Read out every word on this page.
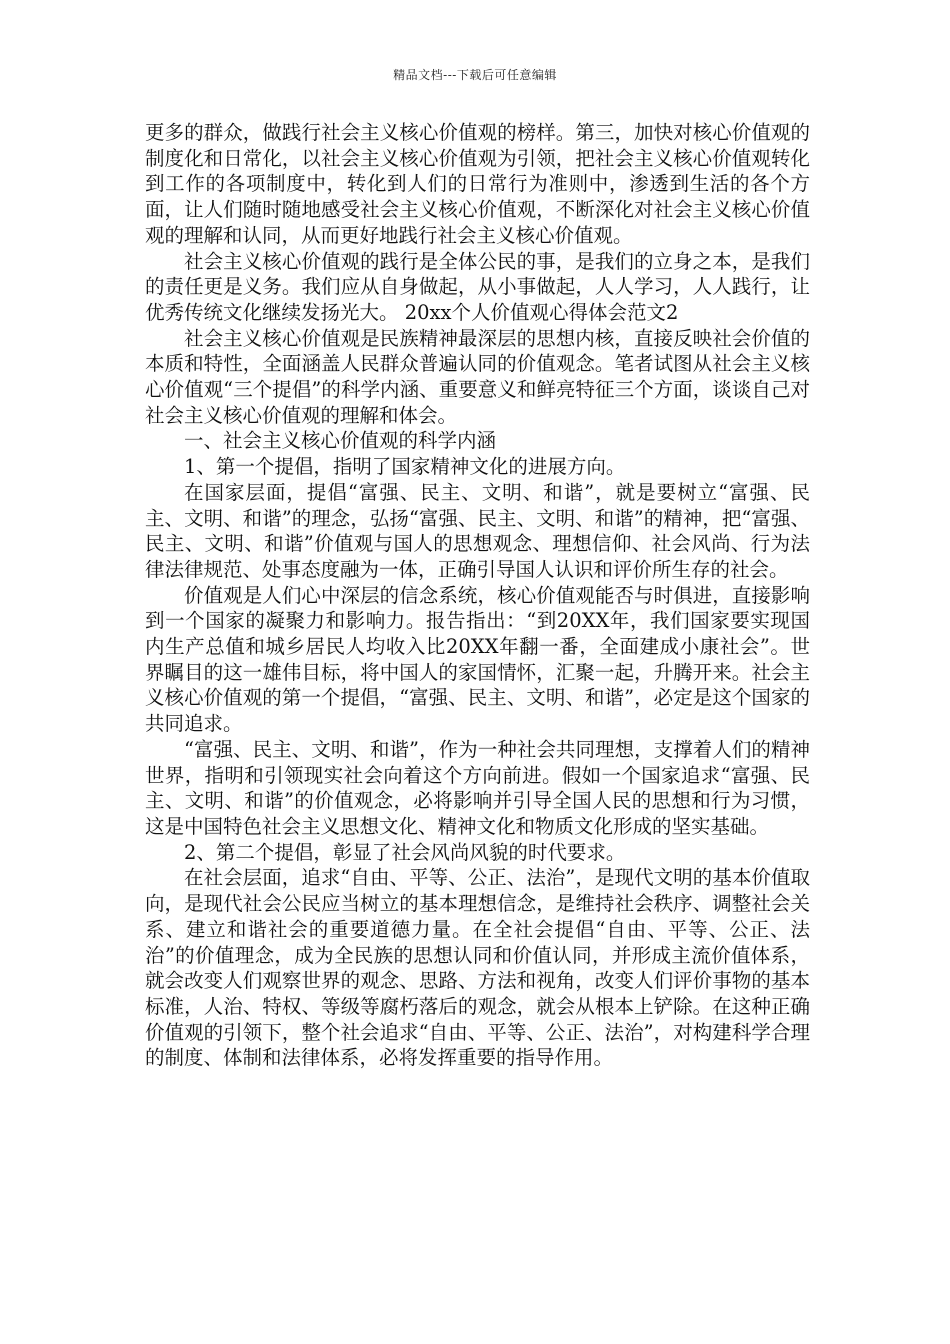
精品文档---下载后可任意编辑

更多的群众，做践行社会主义核心价值观的榜样。第三，加快对核心价值观的制度化和日常化，以社会主义核心价值观为引领，把社会主义核心价值观转化到工作的各项制度中，转化到人们的日常行为准则中，渗透到生活的各个方面，让人们随时随地感受社会主义核心价值观，不断深化对社会主义核心价值观的理解和认同，从而更好地践行社会主义核心价值观。

社会主义核心价值观的践行是全体公民的事，是我们的立身之本，是我们的责任更是义务。我们应从自身做起，从小事做起，人人学习，人人践行，让优秀传统文化继续发扬光大。 20xx个人价值观心得体会范文2

社会主义核心价值观是民族精神最深层的思想内核，直接反映社会价值的本质和特性，全面涵盖人民群众普遍认同的价值观念。笔者试图从社会主义核心价值观“三个提倡”的科学内涵、重要意义和鲜亮特征三个方面，谈谈自己对社会主义核心价值观的理解和体会。

一、社会主义核心价值观的科学内涵

1、第一个提倡，指明了国家精神文化的进展方向。

在国家层面，提倡“富强、民主、文明、和谐”，就是要树立“富强、民主、文明、和谐”的理念，弘扬“富强、民主、文明、和谐”的精神，把“富强、民主、文明、和谐”价值观与国人的思想观念、理想信仰、社会风尚、行为法律法律规范、处事态度融为一体，正确引导国人认识和评价所生存的社会。

价值观是人们心中深层的信念系统，核心价值观能否与时俱进，直接影响到一个国家的凝聚力和影响力。报告指出：“到20XX年，我们国家要实现国内生产总值和城乡居民人均收入比20XX年翻一番，全面建成小康社会”。世界瞩目的这一雄伟目标，将中国人的家国情怀，汇聚一起，升腾开来。社会主义核心价值观的第一个提倡，“富强、民主、文明、和谐”，必定是这个国家的共同追求。

“富强、民主、文明、和谐”，作为一种社会共同理想，支撑着人们的精神世界，指明和引领现实社会向着这个方向前进。假如一个国家追求“富强、民主、文明、和谐”的价值观念，必将影响并引导全国人民的思想和行为习惯，这是中国特色社会主义思想文化、精神文化和物质文化形成的坚实基础。

2、第二个提倡，彰显了社会风尚风貌的时代要求。

在社会层面，追求“自由、平等、公正、法治”，是现代文明的基本价值取向，是现代社会公民应当树立的基本理想信念，是维持社会秩序、调整社会关系、建立和谐社会的重要道德力量。在全社会提倡“自由、平等、公正、法治”的价值理念，成为全民族的思想认同和价值认同，并形成主流价值体系，就会改变人们观察世界的观念、思路、方法和视角，改变人们评价事物的基本标准，人治、特权、等级等腐朽落后的观念，就会从根本上铲除。在这种正确价值观的引领下，整个社会追求“自由、平等、公正、法治”，对构建科学合理的制度、体制和法律体系，必将发挥重要的指导作用。
